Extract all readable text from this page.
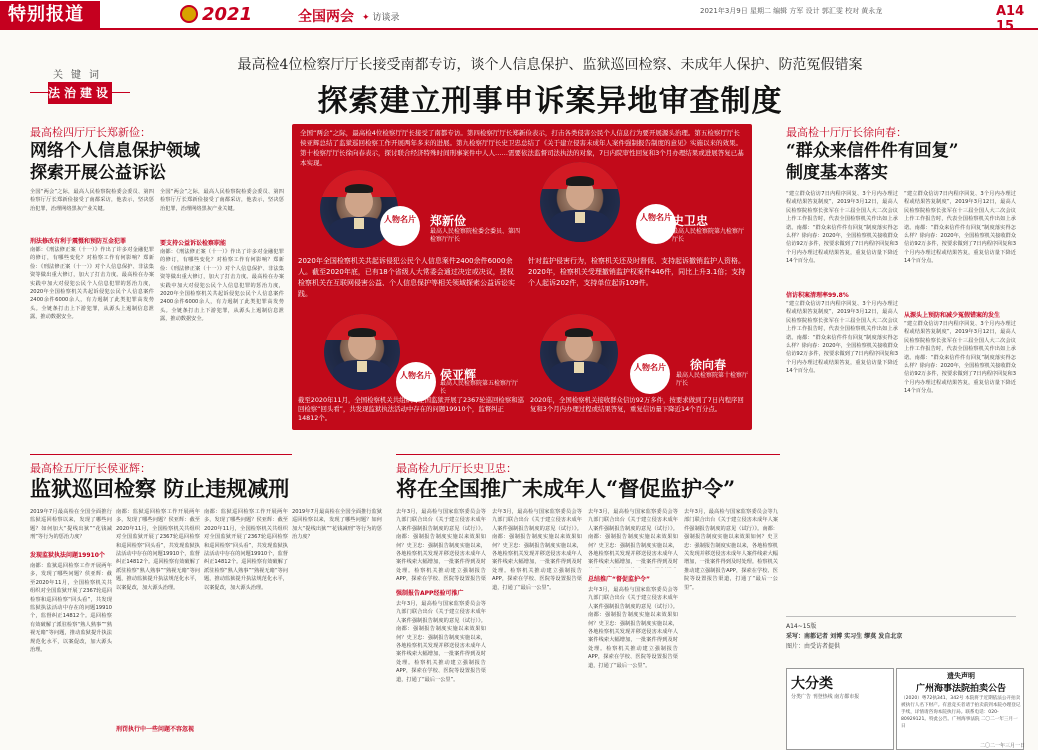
特别报道	2021	全国两会 ✦ 访谈录
2021年3月9日 星期二 编辑 方军 设计 郭汇雯 校对 黄永龙	A14 15
关键词
法治建设
最高检4位检察厅厅长接受南都专访，谈个人信息保护、监狱巡回检察、未成年人保护、防范冤假错案
探索建立刑事申诉案异地审查制度
全国“两会”之际，最高检4位检察厅厅长接受了南都专访。第四检察厅厅长郑新俭表示，打击各类侵害公民个人信息行为要开展源头治理。第五检察厅厅长侯亚辉总结了监狱巡回检察工作开展两年多来的进展。第九检察厅厅长史卫忠总结了《关于建立侵害未成年人案件强制报告制度的意见》实施以来的效果。第十检察厅厅长徐向春表示，探讨联合经济特殊时间刑事案件中人人……需要依法监督司法执法的对象，7日内院审性回复和3个月办理结果或进展答复已基本实现。
人物名片	郑新俭
最高人民检察院检委会委员、第四检察厅厅长
2020年全国检察机关共起诉侵犯公民个人信息案件2400余件6000余人。截至2020年底，已有18个省级人大常委会通过决定或决议，授权检察机关在互联网侵害公益、个人信息保护等相关领域探索公益诉讼实践。
人物名片 史卫忠
最高人民检察院第九检察厅厅长
针对监护侵害行为，检察机关还及时督促、支持起诉撤销监护人资格。2020年，检察机关受理撤销监护权案件446件，同比上升3.1倍；支持个人起诉202件，支持单位起诉109件。
人物名片 侯亚辉
最高人民检察院第五检察厅厅长
截至2020年11月，全国检察机关共组织对全国监狱开展了2367轮巡回检察和巡回检察“回头看”，共发现监狱执法活动中存在的问题19910个，监督纠正14812个。
人物名片	徐向春
最高人民检察院第十检察厅厅长
2020年，全国检察机关接收群众信访92万多件，按要求做到了7日内程序回复和3个月内办理过程或结果答复，重复信访量下降近14个百分点。
最高检四厅厅长郑新俭：
网络个人信息保护领域
探索开展公益诉讼
全国“两会”之际，最高人民检察院检委会委员、第四检察厅厅长郑新俭接受了南都采访，他表示，坚决惩治犯罪，治理网络黑灰产业关键。
刑法修改有利于震慑和预防互金犯罪
南都：《刑法修正案（十一）》作出了许多对金融犯罪的修订，有哪些变化？对检察工作有何影响？郑新俭：《刑法修正案（十一）》对个人信息保护、非法集资等做出重大修订，加大了打击力度。最高检在办案实践中加大对侵犯公民个人信息犯罪的惩治力度，2020年全国检察机关共起诉侵犯公民个人信息案件2400余件6000余人，有力遏制了此类犯罪高发势头。全链条打击上下游犯罪，从源头上遏制信息泄露，推动数据安全。
全国“两会”之际，最高人民检察院检委会委员、第四检察厅厅长郑新俭接受了南都采访，他表示，坚决惩治犯罪，治理网络黑灰产业关键。
要支持公益诉讼检察职能
南都：《刑法修正案（十一）》作出了许多对金融犯罪的修订，有哪些变化？对检察工作有何影响？郑新俭：《刑法修正案（十一）》对个人信息保护、非法集资等做出重大修订，加大了打击力度。最高检在办案实践中加大对侵犯公民个人信息犯罪的惩治力度，2020年全国检察机关共起诉侵犯公民个人信息案件2400余件6000余人，有力遏制了此类犯罪高发势头。全链条打击上下游犯罪，从源头上遏制信息泄露，推动数据安全。
最高检十厅厅长徐向春：
“群众来信件件有回复”
制度基本落实
“建立群众信访7日内程序回复、3个月内办理过程或结果答复制度”，2019年3月12日，最高人民检察院检察长张军在十三届全国人大二次会议上作工作报告时，代表全国检察机关作出如上承诺。南都：“群众来信件件有回复”制度落实得怎么样？徐向春：2020年，全国检察机关接收群众信访92万多件，按要求做到了7日内程序回复和3个月内办理过程或结果答复，重复信访量下降近14个百分点。
信访积案清理率99.8%
“建立群众信访7日内程序回复、3个月内办理过程或结果答复制度”，2019年3月12日，最高人民检察院检察长张军在十三届全国人大二次会议上作工作报告时，代表全国检察机关作出如上承诺。南都：“群众来信件件有回复”制度落实得怎么样？徐向春：2020年，全国检察机关接收群众信访92万多件，按要求做到了7日内程序回复和3个月内办理过程或结果答复，重复信访量下降近14个百分点。
“建立群众信访7日内程序回复、3个月内办理过程或结果答复制度”，2019年3月12日，最高人民检察院检察长张军在十三届全国人大二次会议上作工作报告时，代表全国检察机关作出如上承诺。南都：“群众来信件件有回复”制度落实得怎么样？徐向春：2020年，全国检察机关接收群众信访92万多件，按要求做到了7日内程序回复和3个月内办理过程或结果答复，重复信访量下降近14个百分点。
从源头上预防和减少冤假错案的发生
“建立群众信访7日内程序回复、3个月内办理过程或结果答复制度”，2019年3月12日，最高人民检察院检察长张军在十三届全国人大二次会议上作工作报告时，代表全国检察机关作出如上承诺。南都：“群众来信件件有回复”制度落实得怎么样？徐向春：2020年，全国检察机关接收群众信访92万多件，按要求做到了7日内程序回复和3个月内办理过程或结果答复，重复信访量下降近14个百分点。
最高检五厅厅长侯亚辉：
监狱巡回检察 防止违规减刑
2019年7月最高检在全国全面推行监狱巡回检察以来，发现了哪些问题？如何加大“提线出狱”“花钱减刑”等行为的惩治力度？
发现监狱执法问题19910个
南都：监狱巡回检察工作开展两年多，发现了哪些问题？侯亚辉：截至2020年11月，全国检察机关共组织对全国监狱开展了2367轮巡回检察和巡回检察“回头看”，共发现监狱执法活动中存在的问题19910个，监督纠正14812个。巡回检察有效破解了派驻检察“熟人熟事”“熟视无睹”等问题，推动监狱提升执法规范化水平，以案促改，加大源头治理。
南都：监狱巡回检察工作开展两年多，发现了哪些问题？侯亚辉：截至2020年11月，全国检察机关共组织对全国监狱开展了2367轮巡回检察和巡回检察“回头看”，共发现监狱执法活动中存在的问题19910个，监督纠正14812个。巡回检察有效破解了派驻检察“熟人熟事”“熟视无睹”等问题，推动监狱提升执法规范化水平，以案促改，加大源头治理。
南都：监狱巡回检察工作开展两年多，发现了哪些问题？侯亚辉：截至2020年11月，全国检察机关共组织对全国监狱开展了2367轮巡回检察和巡回检察“回头看”，共发现监狱执法活动中存在的问题19910个，监督纠正14812个。巡回检察有效破解了派驻检察“熟人熟事”“熟视无睹”等问题，推动监狱提升执法规范化水平，以案促改，加大源头治理。
刑罚执行中一些问题不容忽视
2019年7月最高检在全国全面推行监狱巡回检察以来，发现了哪些问题？如何加大“提线出狱”“花钱减刑”等行为的惩治力度？
最高检九厅厅长史卫忠：
将在全国推广未成年人“督促监护令”
去年3月，最高检与国家监察委员会等九部门联合出台《关于建立侵害未成年人案件强制报告制度的意见（试行）》。南都：强制报告制度实施以来效果如何？史卫忠：强制报告制度实施以来，各地检察机关发现并移送侵害未成年人案件线索大幅增加，一批案件得到及时处理。检察机关推动建立强制报告APP，探索在学校、医院等设置报告渠
强制报告APP经验可推广
去年3月，最高检与国家监察委员会等九部门联合出台《关于建立侵害未成年人案件强制报告制度的意见（试行）》。南都：强制报告制度实施以来效果如何？史卫忠：强制报告制度实施以来，各地检察机关发现并移送侵害未成年人案件线索大幅增加，一批案件得到及时处理。检察机关推动建立强制报告APP，探索在学校、医院等设置报告渠道，打通了“最后一公里”。
去年3月，最高检与国家监察委员会等九部门联合出台《关于建立侵害未成年人案件强制报告制度的意见（试行）》。南都：强制报告制度实施以来效果如何？史卫忠：强制报告制度实施以来，各地检察机关发现并移送侵害未成年人案件线索大幅增加，一批案件得到及时处理。检察机关推动建立强制报告APP，探索在学校、医院等设置报告渠道，打通了“最后一公里”。
去年3月，最高检与国家监察委员会等九部门联合出台《关于建立侵害未成年人案件强制报告制度的意见（试行）》。南都：强制报告制度实施以来效果如何？史卫忠：强制报告制度实施以来，各地检察机关发现并移送侵害未成年人案件线索大幅增加，一批案件得到及时
总结推广“督促监护令”
去年3月，最高检与国家监察委员会等九部门联合出台《关于建立侵害未成年人案件强制报告制度的意见（试行）》。南都：强制报告制度实施以来效果如何？史卫忠：强制报告制度实施以来，各地检察机关发现并移送侵害未成年人案件线索大幅增加，一批案件得到及时处理。检察机关推动建立强制报告APP，探索在学校、医院等设置报告渠道，打通了“最后一公里”。
去年3月，最高检与国家监察委员会等九部门联合出台《关于建立侵害未成年人案件强制报告制度的意见（试行）》。南都：强制报告制度实施以来效果如何？史卫忠：强制报告制度实施以来，各地检察机关发现并移送侵害未成年人案件线索大幅增加，一批案件得到及时处理。检察机关推动建立强制报告APP，探索在学校、医院等设置报告渠道，打通了“最后一公里”。
A14~15版
采写：南都记者 刘博 实习生 缪莫 发自北京
图片：由受访者提供
大分类
分类广告 刊登热线 南方都市报
遗失声明
广州海事法院拍卖公告
（2020）粤72执341、342号 本院将于近期依法公开拍卖被执行人名下财产。有意竞买者请于拍卖前到本院办理登记手续，详情请咨询本院执行局。联系电话：020-80929121。特此公告。广州海事法院 二〇二一年三月一日
二〇二一年三月一日
